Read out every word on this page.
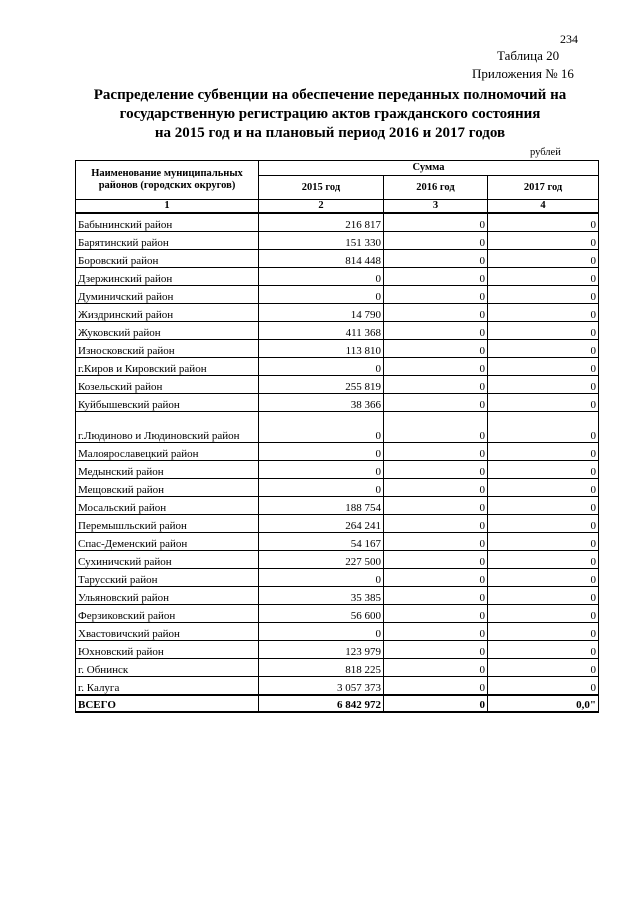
234
Таблица 20
Приложения № 16
Распределение субвенции на обеспечение переданных полномочий на
государственную регистрацию актов гражданского состояния
на 2015 год и на плановый период 2016 и 2017 годов
рублей
Наименование муниципальных районов (городских округов)	Сумма		
	2015 год	2016 год	2017 год
1	2	3	4
Бабынинский район	216 817	0	0
Барятинский район	151 330	0	0
Боровский район	814 448	0	0
Дзержинский район	0	0	0
Думиничский район	0	0	0
Жиздринский район	14 790	0	0
Жуковский район	411 368	0	0
Износковский район	113 810	0	0
г.Киров и Кировский район	0	0	0
Козельский район	255 819	0	0
Куйбышевский район	38 366	0	0
г.Людиново и Людиновский район	0	0	0
Малоярославецкий район	0	0	0
Медынский район	0	0	0
Мещовский район	0	0	0
Мосальский район	188 754	0	0
Перемышльский район	264 241	0	0
Спас-Деменский район	54 167	0	0
Сухиничский район	227 500	0	0
Тарусский район	0	0	0
Ульяновский район	35 385	0	0
Ферзиковский район	56 600	0	0
Хвастовичский район	0	0	0
Юхновский район	123 979	0	0
г. Обнинск	818 225	0	0
г. Калуга	3 057 373	0	0
ВСЕГО	6 842 972	0	0,0"
